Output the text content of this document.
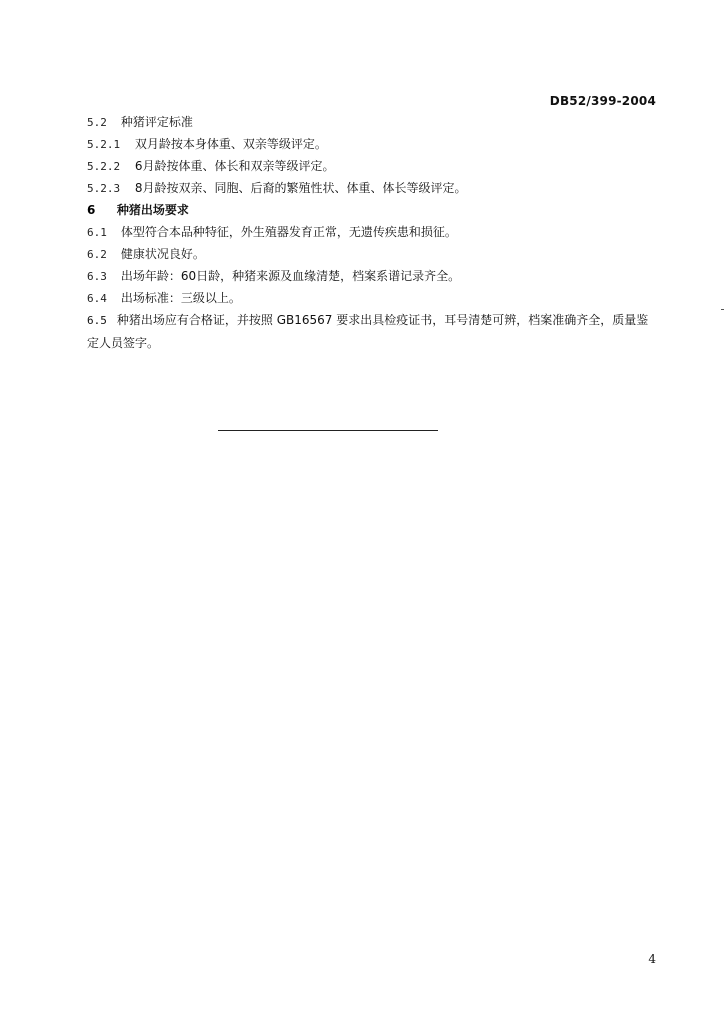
DB52/399-2004
5.2 种猪评定标准
5.2.1 双月龄按本身体重、双亲等级评定。
5.2.2 6月龄按体重、体长和双亲等级评定。
5.2.3 8月龄按双亲、同胞、后裔的繁殖性状、体重、体长等级评定。
6 种猪出场要求
6.1 体型符合本品种特征，外生殖器发育正常，无遗传疾患和损征。
6.2 健康状况良好。
6.3 出场年龄：60日龄，种猪来源及血缘清楚，档案系谱记录齐全。
6.4 出场标准：三级以上。
6.5 种猪出场应有合格证，并按照 GB16567 要求出具检疫证书，耳号清楚可辨，档案准确齐全，质量鉴定人员签字。
4
